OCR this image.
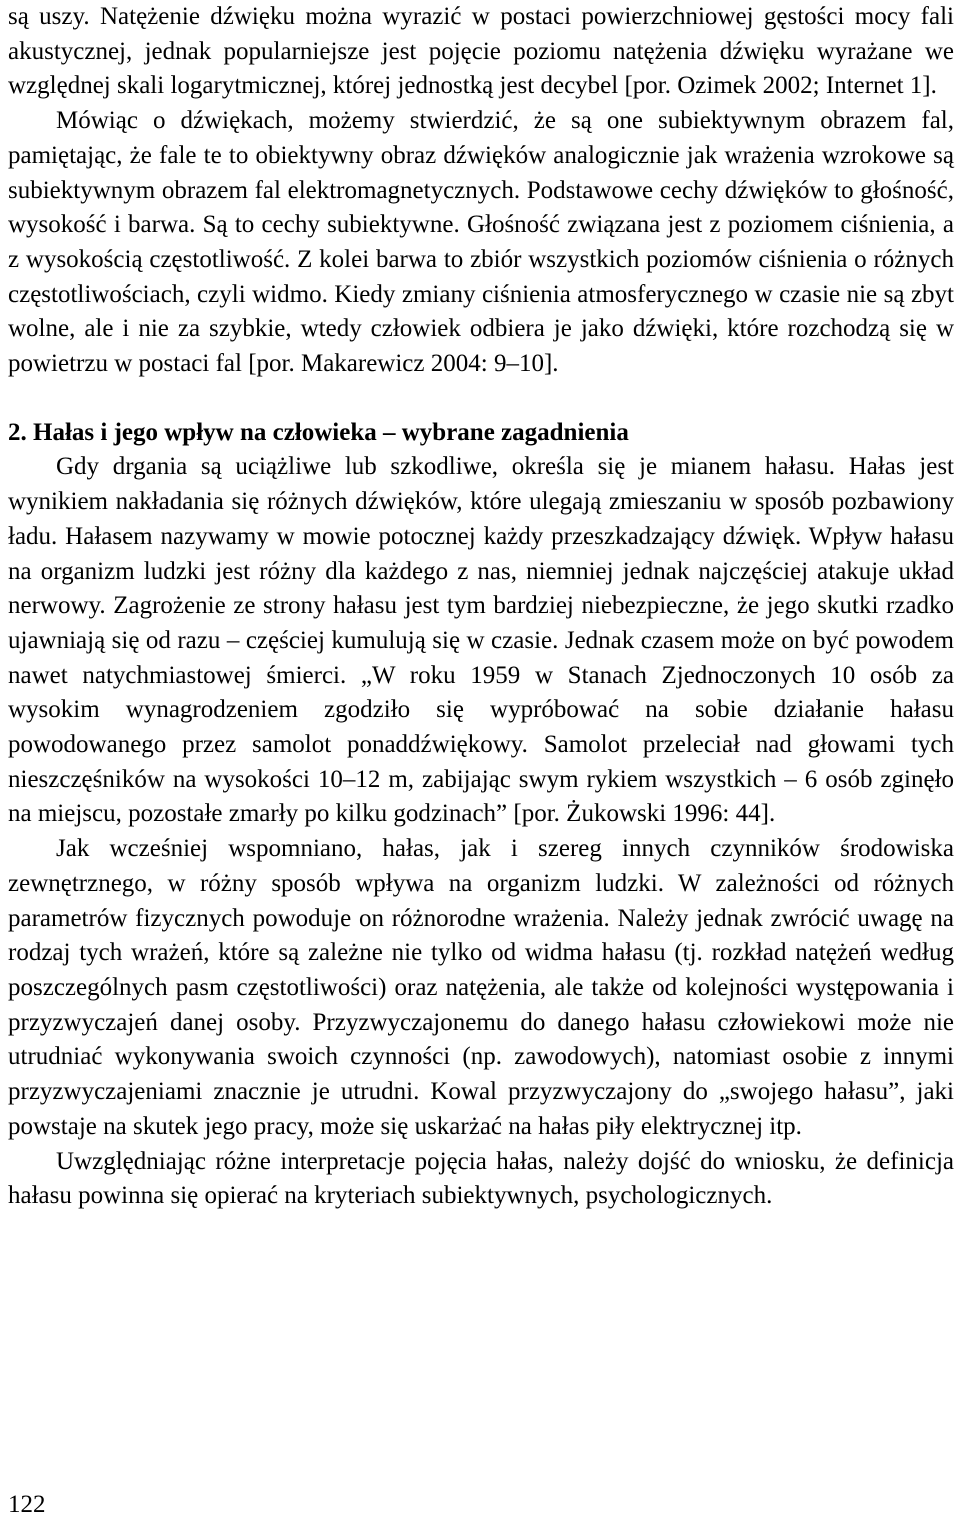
są uszy. Natężenie dźwięku można wyrazić w postaci powierzchniowej gęstości mocy fali akustycznej, jednak popularniejsze jest pojęcie poziomu natężenia dźwięku wyrażane we względnej skali logarytmicznej, której jednostką jest decybel [por. Ozimek 2002; Internet 1].

Mówiąc o dźwiękach, możemy stwierdzić, że są one subiektywnym obrazem fal, pamiętając, że fale te to obiektywny obraz dźwięków analogicznie jak wrażenia wzrokowe są subiektywnym obrazem fal elektromagnetycznych. Podstawowe cechy dźwięków to głośność, wysokość i barwa. Są to cechy subiektywne. Głośność związana jest z poziomem ciśnienia, a z wysokością częstotliwość. Z kolei barwa to zbiór wszystkich poziomów ciśnienia o różnych częstotliwościach, czyli widmo. Kiedy zmiany ciśnienia atmosferycznego w czasie nie są zbyt wolne, ale i nie za szybkie, wtedy człowiek odbiera je jako dźwięki, które rozchodzą się w powietrzu w postaci fal [por. Makarewicz 2004: 9–10].

2. Hałas i jego wpływ na człowieka – wybrane zagadnienia

Gdy drgania są uciążliwe lub szkodliwe, określa się je mianem hałasu. Hałas jest wynikiem nakładania się różnych dźwięków, które ulegają zmieszaniu w sposób pozbawiony ładu. Hałasem nazywamy w mowie potocznej każdy przeszkadzający dźwięk. Wpływ hałasu na organizm ludzki jest różny dla każdego z nas, niemniej jednak najczęściej atakuje układ nerwowy. Zagrożenie ze strony hałasu jest tym bardziej niebezpieczne, że jego skutki rzadko ujawniają się od razu – częściej kumulują się w czasie. Jednak czasem może on być powodem nawet natychmiastowej śmierci. „W roku 1959 w Stanach Zjednoczonych 10 osób za wysokim wynagrodzeniem zgodziło się wypróbować na sobie działanie hałasu powodowanego przez samolot ponaddźwiękowy. Samolot przeleciał nad głowami tych nieszczęśników na wysokości 10–12 m, zabijając swym rykiem wszystkich – 6 osób zginęło na miejscu, pozostałe zmarły po kilku godzinach” [por. Żukowski 1996: 44].

Jak wcześniej wspomniano, hałas, jak i szereg innych czynników środowiska zewnętrznego, w różny sposób wpływa na organizm ludzki. W zależności od różnych parametrów fizycznych powoduje on różnorodne wrażenia. Należy jednak zwrócić uwagę na rodzaj tych wrażeń, które są zależne nie tylko od widma hałasu (tj. rozkład natężeń według poszczególnych pasm częstotliwości) oraz natężenia, ale także od kolejności występowania i przyzwyczajeń danej osoby. Przyzwyczajonemu do danego hałasu człowiekowi może nie utrudniać wykonywania swoich czynności (np. zawodowych), natomiast osobie z innymi przyzwyczajeniami znacznie je utrudni. Kowal przyzwyczajony do „swojego hałasu”, jaki powstaje na skutek jego pracy, może się uskarżać na hałas piły elektrycznej itp.

Uwzględniając różne interpretacje pojęcia hałas, należy dojść do wniosku, że definicja hałasu powinna się opierać na kryteriach subiektywnych, psychologicznych.

122
